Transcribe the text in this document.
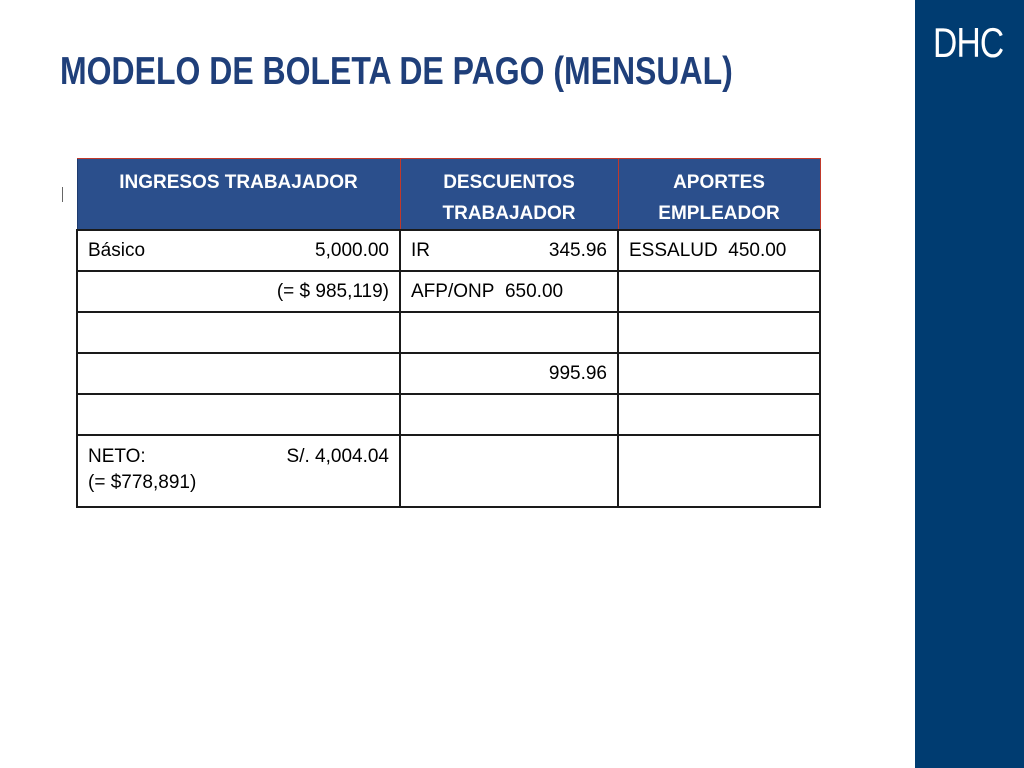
MODELO DE BOLETA DE PAGO (MENSUAL)
DHC
INGRESOS TRABAJADOR	DESCUENTOS TRABAJADOR	APORTES EMPLEADOR

Básico 5,000.00	IR 345.96	ESSALUD 450.00
(= $ 985,119)	AFP/ONP 650.00	

	995.96	

NETO: S/. 4,004.04
(= $778,891)		
